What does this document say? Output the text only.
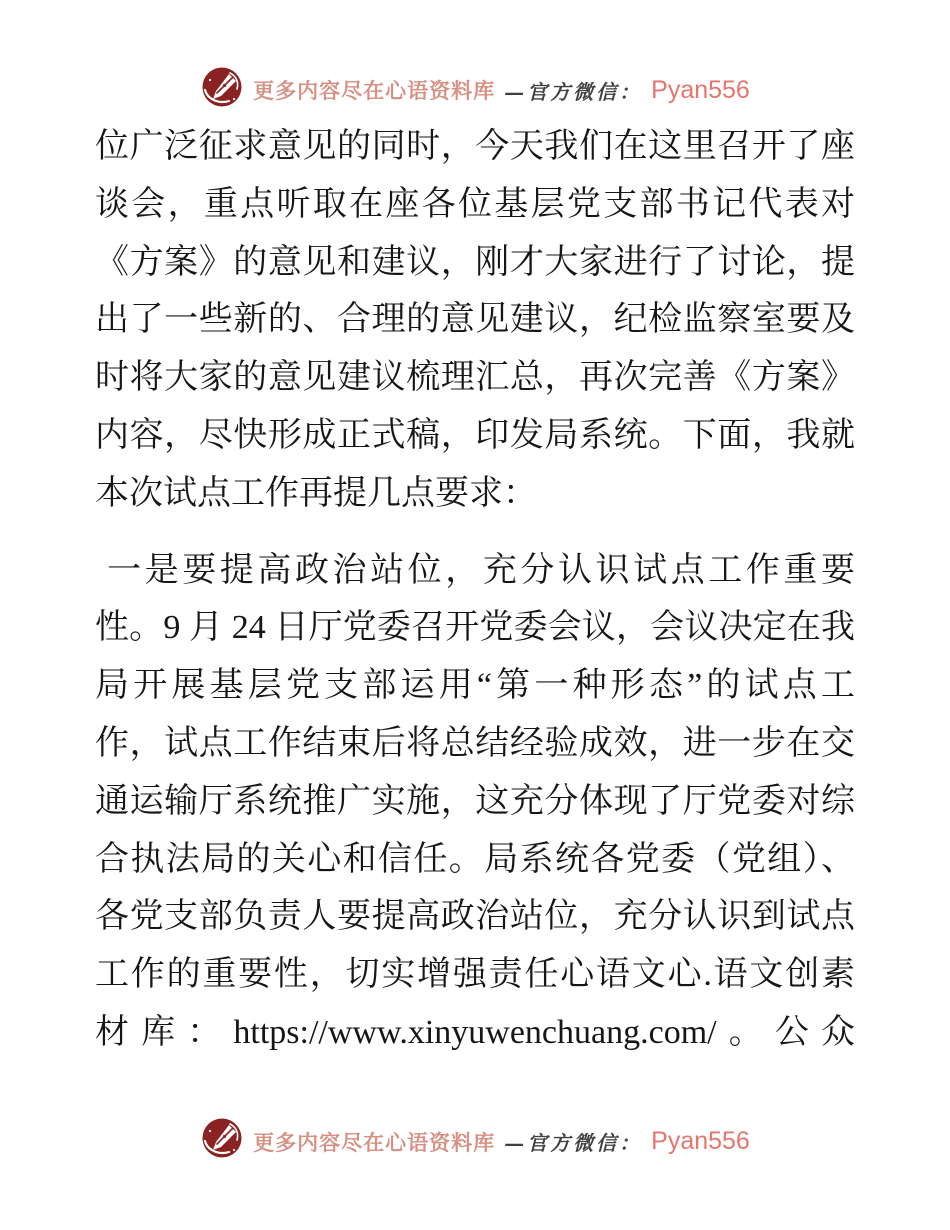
更多内容尽在心语资料库 —官方微信： Pyan556
位广泛征求意见的同时，今天我们在这里召开了座
谈会，重点听取在座各位基层党支部书记代表对
《方案》的意见和建议，刚才大家进行了讨论，提
出了一些新的、合理的意见建议，纪检监察室要及
时将大家的意见建议梳理汇总，再次完善《方案》
内容，尽快形成正式稿，印发局系统。下面，我就
本次试点工作再提几点要求：
一是要提高政治站位，充分认识试点工作重要
性。9 月 24 日厅党委召开党委会议，会议决定在我
局开展基层党支部运用“第一种形态”的试点工
作，试点工作结束后将总结经验成效，进一步在交
通运输厅系统推广实施，这充分体现了厅党委对综
合执法局的关心和信任。局系统各党委（党组）、
各党支部负责人要提高政治站位，充分认识到试点
工作的重要性，切实增强责任心语文心.语文创素
材库：https://www.xinyuwenchuang.com/。公众
更多内容尽在心语资料库 —官方微信： Pyan556
